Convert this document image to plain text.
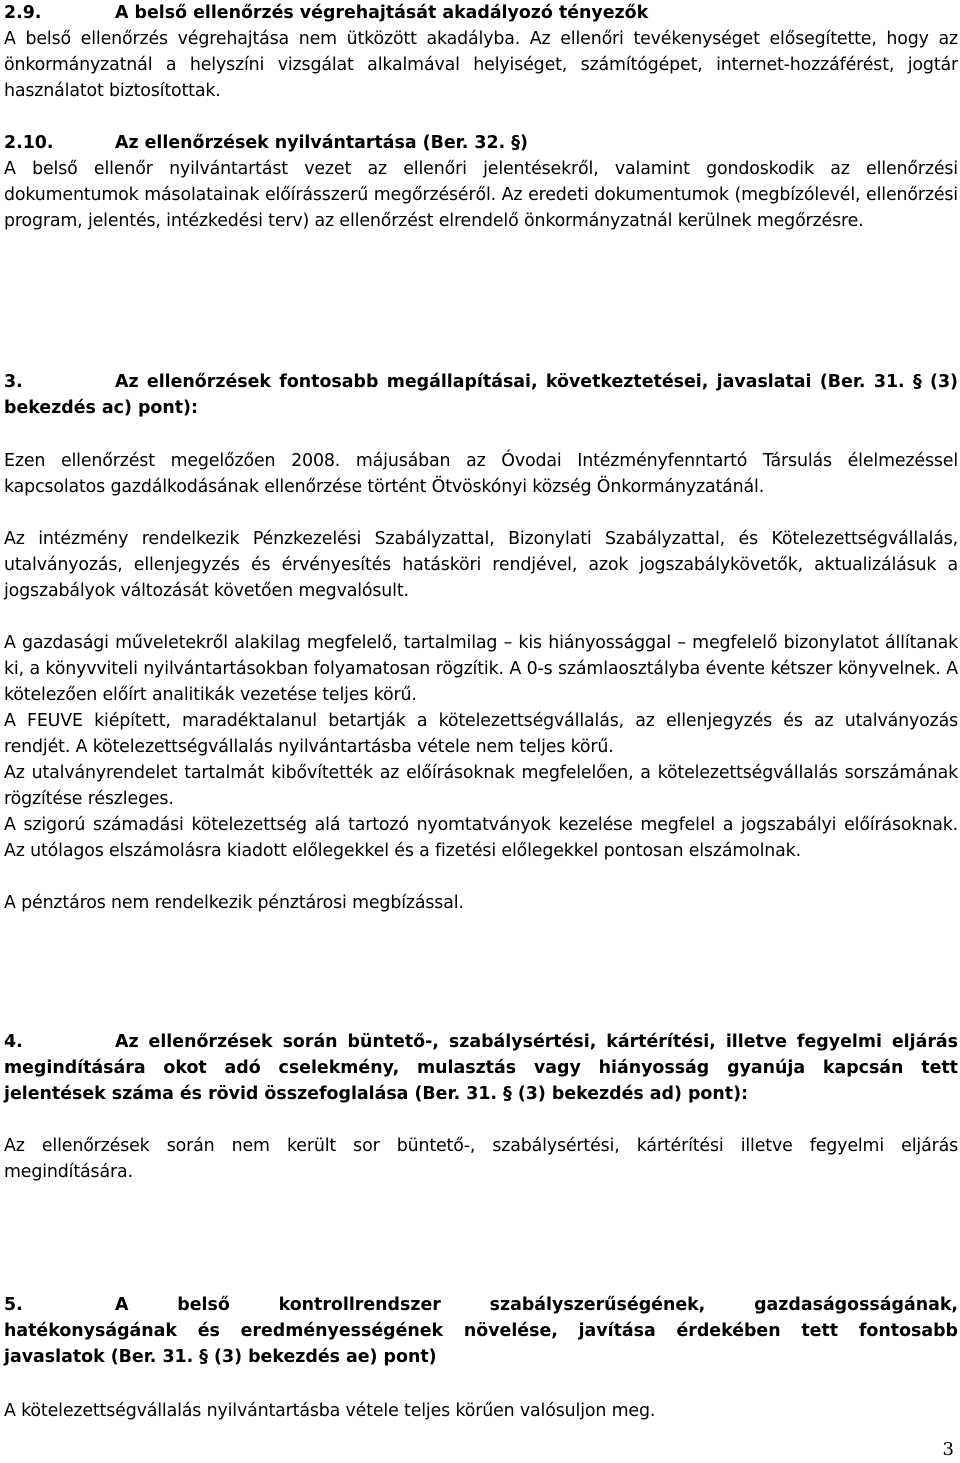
2.9.	A belső ellenőrzés végrehajtását akadályozó tényezők

A belső ellenőrzés végrehajtása nem ütközött akadályba. Az ellenőri tevékenységet elősegítette, hogy az önkormányzatnál a helyszíni vizsgálat alkalmával helyiséget, számítógépet, internet-hozzáférést, jogtár használatot biztosítottak.

2.10.	Az ellenőrzések nyilvántartása (Ber. 32. §)

A belső ellenőr nyilvántartást vezet az ellenőri jelentésekről, valamint gondoskodik az ellenőrzési dokumentumok másolatainak előírásszerű megőrzéséről. Az eredeti dokumentumok (megbízólevél, ellenőrzési program, jelentés, intézkedési terv) az ellenőrzést elrendelő önkormányzatnál kerülnek megőrzésre.

3.	Az ellenőrzések fontosabb megállapításai, következtetései, javaslatai (Ber. 31. § (3) bekezdés ac) pont):

Ezen ellenőrzést megelőzően 2008. májusában az Óvodai Intézményfenntartó Társulás élelmezéssel kapcsolatos gazdálkodásának ellenőrzése történt Ötvöskónyi község Önkormányzatánál.

Az intézmény rendelkezik Pénzkezelési Szabályzattal, Bizonylati Szabályzattal, és Kötelezettségvállalás, utalványozás, ellenjegyzés és érvényesítés hatásköri rendjével, azok jogszabálykövetők, aktualizálásuk a jogszabályok változását követően megvalósult.

A gazdasági műveletekről alakilag megfelelő, tartalmilag – kis hiányossággal – megfelelő bizonylatot állítanak ki, a könyvviteli nyilvántartásokban folyamatosan rögzítik. A 0-s számlaosztályba évente kétszer könyvelnek. A kötelezően előírt analitikák vezetése teljes körű.

A FEUVE kiépített, maradéktalanul betartják a kötelezettségvállalás, az ellenjegyzés és az utalványozás rendjét. A kötelezettségvállalás nyilvántartásba vétele nem teljes körű.

Az utalványrendelet tartalmát kibővítették az előírásoknak megfelelően, a kötelezettségvállalás sorszámának rögzítése részleges.

A szigorú számadási kötelezettség alá tartozó nyomtatványok kezelése megfelel a jogszabályi előírásoknak. Az utólagos elszámolásra kiadott előlegekkel és a fizetési előlegekkel pontosan elszámolnak.

A pénztáros nem rendelkezik pénztárosi megbízással.

4.	Az ellenőrzések során büntető-, szabálysértési, kártérítési, illetve fegyelmi eljárás megindítására okot adó cselekmény, mulasztás vagy hiányosság gyanúja kapcsán tett jelentések száma és rövid összefoglalása (Ber. 31. § (3) bekezdés ad) pont):

Az ellenőrzések során nem került sor büntető-, szabálysértési, kártérítési illetve fegyelmi eljárás megindítására.

5.	A belső kontrollrendszer szabályszerűségének, gazdaságosságának, hatékonyságának és eredményességének növelése, javítása érdekében tett fontosabb javaslatok (Ber. 31. § (3) bekezdés ae) pont)

A kötelezettségvállalás nyilvántartásba vétele teljes körűen valósuljon meg.

3
